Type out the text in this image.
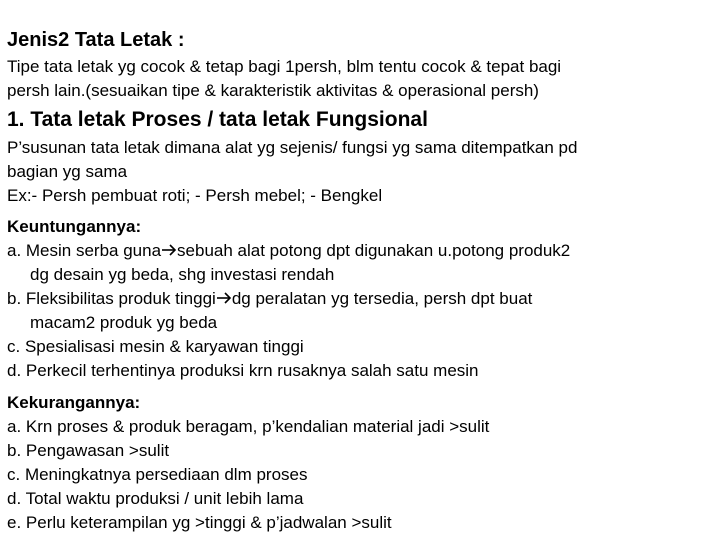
Jenis2 Tata Letak :
Tipe tata letak yg cocok & tetap bagi 1persh, blm tentu cocok & tepat bagi
persh lain.(sesuaikan tipe & karakteristik aktivitas & operasional persh)
1. Tata letak Proses / tata letak Fungsional
P’susunan tata letak dimana alat yg sejenis/ fungsi yg sama ditempatkan pd
bagian yg sama
Ex:- Persh pembuat roti; - Persh mebel; - Bengkel
Keuntungannya:
a. Mesin serba guna sebuah alat potong dpt digunakan u.potong produk2
dg desain yg beda, shg investasi rendah
b. Fleksibilitas produk tinggi dg peralatan yg tersedia, persh dpt buat
macam2 produk yg beda
c. Spesialisasi mesin & karyawan tinggi
d. Perkecil terhentinya produksi krn rusaknya salah satu mesin
Kekurangannya:
a. Krn proses & produk beragam, p’kendalian material jadi >sulit
b. Pengawasan >sulit
c. Meningkatnya persediaan dlm proses
d. Total waktu produksi / unit lebih lama
e. Perlu keterampilan yg >tinggi & p’jadwalan >sulit
